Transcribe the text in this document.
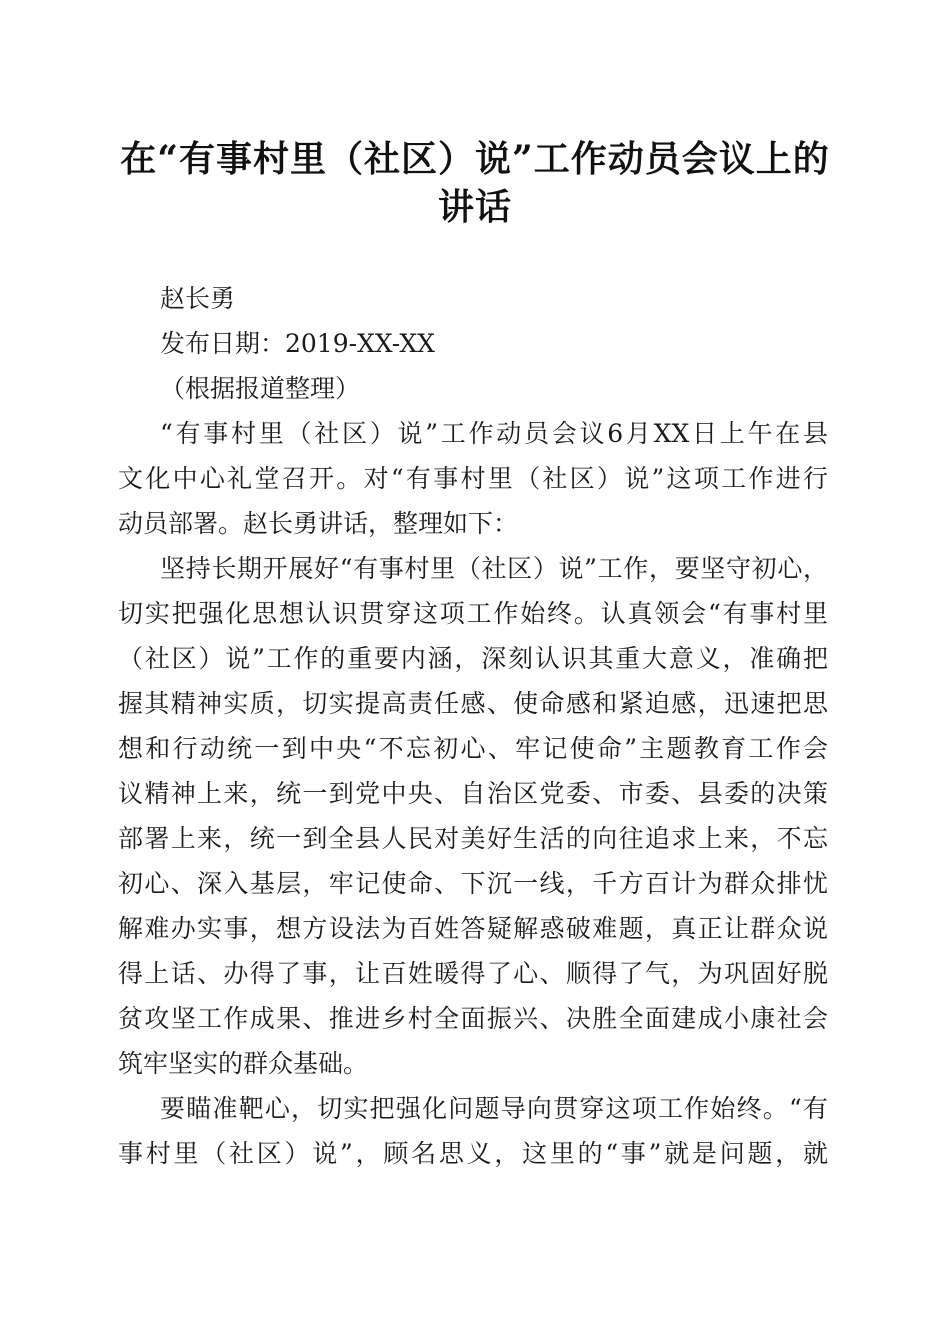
在“有事村里（社区）说”工作动员会议上的
讲话
赵长勇
发布日期：2019-XX-XX
（根据报道整理）
“有事村里（社区）说”工作动员会议6月XX日上午在县
文化中心礼堂召开。对“有事村里（社区）说”这项工作进行
动员部署。赵长勇讲话，整理如下：
坚持长期开展好“有事村里（社区）说”工作，要坚守初心，
切实把强化思想认识贯穿这项工作始终。认真领会“有事村里
（社区）说”工作的重要内涵，深刻认识其重大意义，准确把
握其精神实质，切实提高责任感、使命感和紧迫感，迅速把思
想和行动统一到中央“不忘初心、牢记使命”主题教育工作会
议精神上来，统一到党中央、自治区党委、市委、县委的决策
部署上来，统一到全县人民对美好生活的向往追求上来，不忘
初心、深入基层，牢记使命、下沉一线，千方百计为群众排忧
解难办实事，想方设法为百姓答疑解惑破难题，真正让群众说
得上话、办得了事，让百姓暖得了心、顺得了气，为巩固好脱
贫攻坚工作成果、推进乡村全面振兴、决胜全面建成小康社会
筑牢坚实的群众基础。
要瞄准靶心，切实把强化问题导向贯穿这项工作始终。“有
事村里（社区）说”，顾名思义，这里的“事”就是问题，就
